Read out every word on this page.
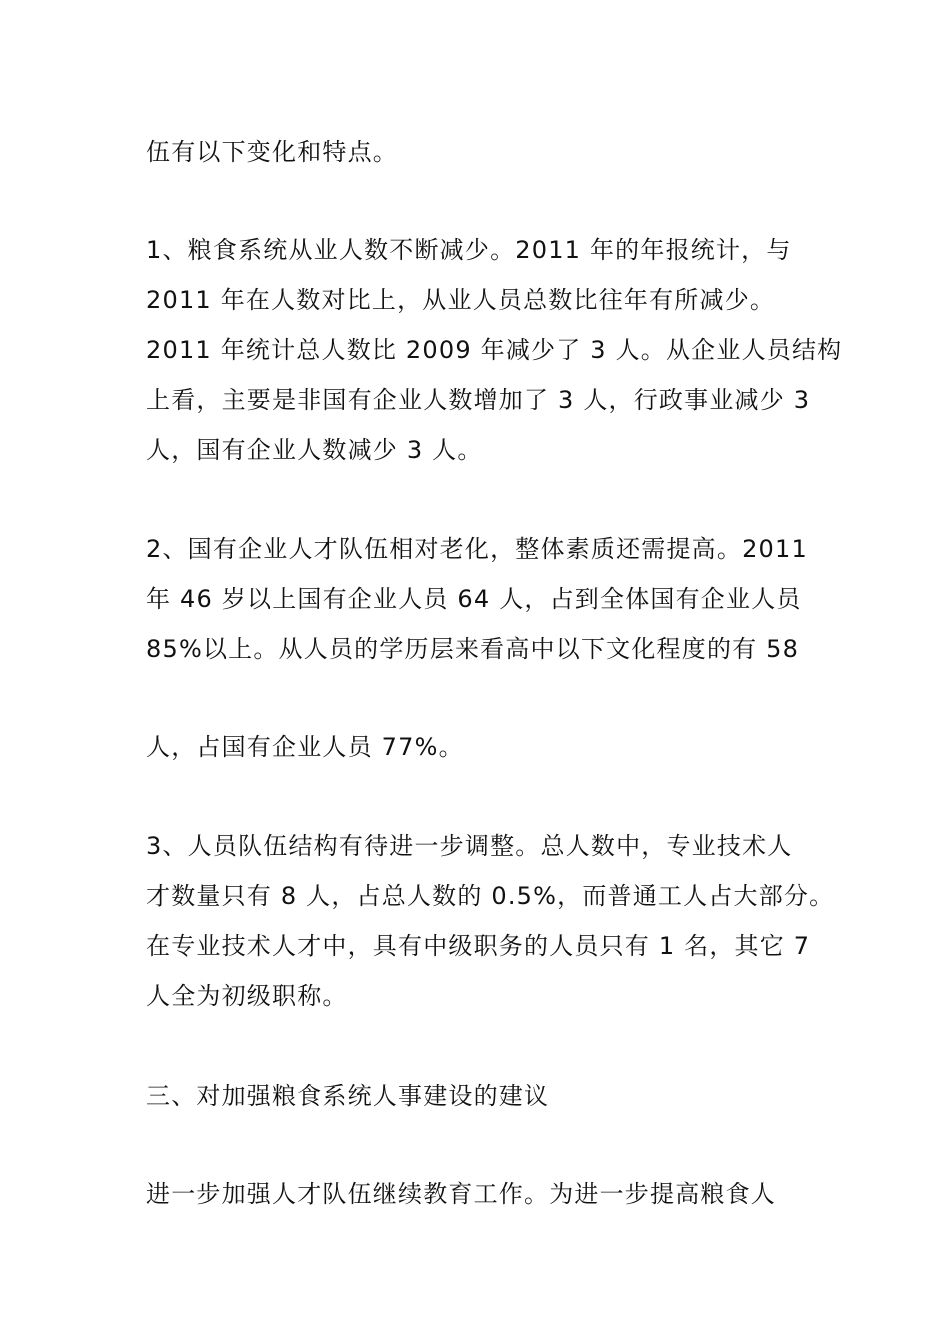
伍有以下变化和特点。
1、粮食系统从业人数不断减少。2011 年的年报统计，与
2011 年在人数对比上，从业人员总数比往年有所减少。
2011 年统计总人数比 2009 年减少了 3 人。从企业人员结构
上看，主要是非国有企业人数增加了 3 人，行政事业减少 3
人，国有企业人数减少 3 人。
2、国有企业人才队伍相对老化，整体素质还需提高。2011
年 46 岁以上国有企业人员 64 人，占到全体国有企业人员
85%以上。从人员的学历层来看高中以下文化程度的有 58
人，占国有企业人员 77%。
3、人员队伍结构有待进一步调整。总人数中，专业技术人
才数量只有 8 人，占总人数的 0.5%，而普通工人占大部分。
在专业技术人才中，具有中级职务的人员只有 1 名，其它 7
人全为初级职称。
三、对加强粮食系统人事建设的建议
进一步加强人才队伍继续教育工作。为进一步提高粮食人
